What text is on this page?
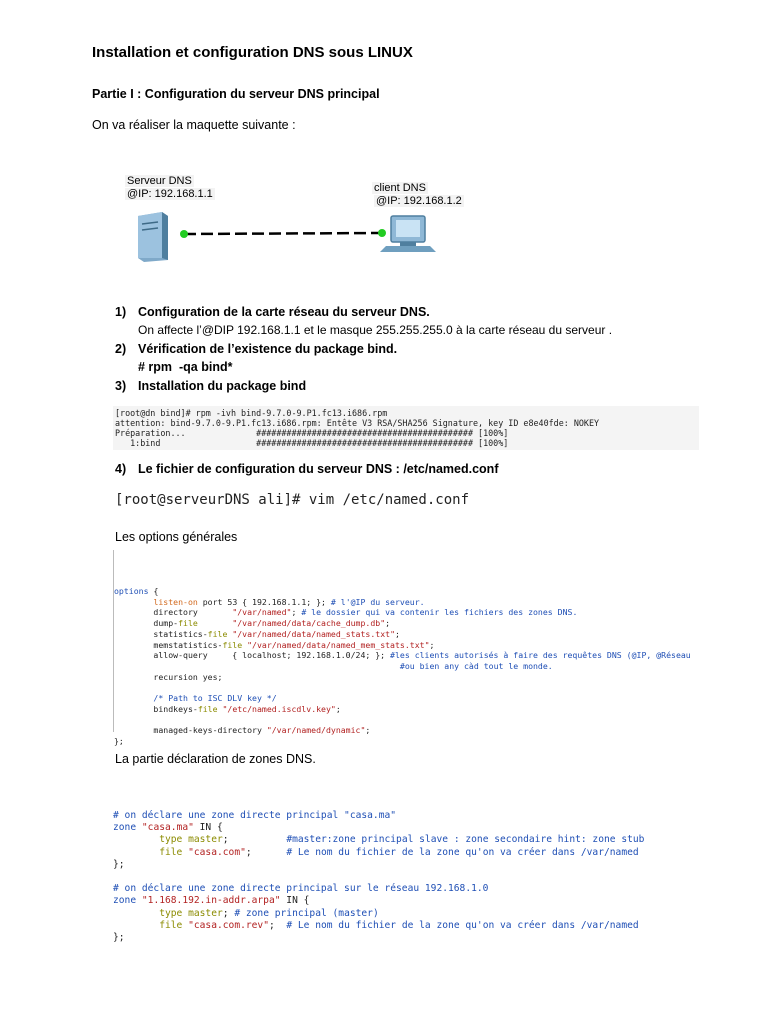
Installation et configuration DNS sous LINUX
Partie I : Configuration du serveur DNS principal
On va réaliser la maquette suivante :

Serveur DNS

@IP: 192.168.1.1

	client DNS

@IP: 192.168.1.2

1) Configuration de la carte réseau du serveur DNS.
On affecte l’@DIP 192.168.1.1 et le masque 255.255.255.0 à la carte réseau du serveur .
2) Vérification de l’existence du package bind.
# rpm  -qa bind*
3) Installation du package bind

[root@dn bind]# rpm -ivh bind-9.7.0-9.P1.fc13.i686.rpm

attention: bind-9.7.0-9.P1.fc13.i686.rpm: Entête V3 RSA/SHA256 Signature, key ID e8e40fde: NOKEY

Préparation...              ########################################### [100%]

1:bind                   ########################################### [100%]

4) Le fichier de configuration du serveur DNS : /etc/named.conf
[root@serveurDNS ali]# vim /etc/named.conf
Les options générales

options {
listen-on port 53 { 192.168.1.1; }; # l'@IP du serveur.
directory       "/var/named"; # le dossier qui va contenir les fichiers des zones DNS.
dump-file	"/var/named/data/cache_dump.db";
statistics-file "/var/named/data/named_stats.txt";
memstatistics-file "/var/named/data/named_mem_stats.txt";
allow-query     { localhost; 192.168.1.0/24; }; #les clients autorisés à faire des requêtes DNS (@IP, @Réseau
#ou bien any càd tout le monde.
recursion yes;

/* Path to ISC DLV key */
bindkeys-file "/etc/named.iscdlv.key";

managed-keys-directory "/var/named/dynamic";
};

La partie déclaration de zones DNS.

# on déclare une zone directe principal "casa.ma"
zone "casa.ma" IN {
type master;          #master:zone principal slave : zone secondaire hint: zone stub
file "casa.com";      # Le nom du fichier de la zone qu'on va créer dans /var/named
};

# on déclare une zone directe principal sur le réseau 192.168.1.0
zone "1.168.192.in-addr.arpa" IN {
type master; # zone principal (master)
file "casa.com.rev";  # Le nom du fichier de la zone qu'on va créer dans /var/named
};
